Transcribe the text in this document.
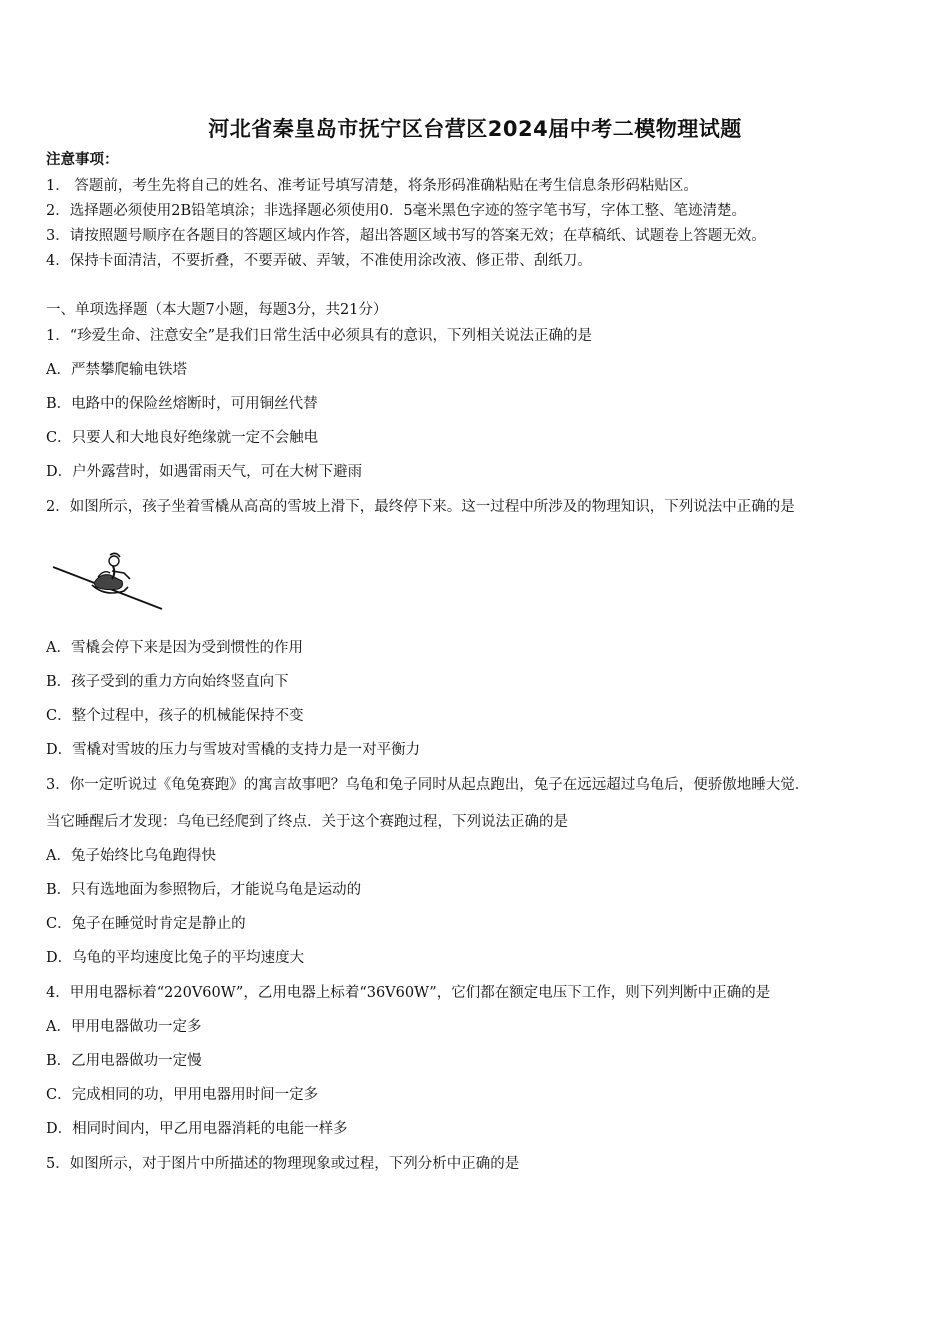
河北省秦皇岛市抚宁区台营区2024届中考二模物理试题
注意事项：
1． 答题前，考生先将自己的姓名、准考证号填写清楚，将条形码准确粘贴在考生信息条形码粘贴区。
2．选择题必须使用2B铅笔填涂；非选择题必须使用0．5毫米黑色字迹的签字笔书写，字体工整、笔迹清楚。
3．请按照题号顺序在各题目的答题区域内作答，超出答题区域书写的答案无效；在草稿纸、试题卷上答题无效。
4．保持卡面清洁，不要折叠，不要弄破、弄皱，不准使用涂改液、修正带、刮纸刀。
一、单项选择题（本大题7小题，每题3分，共21分）
1．“珍爱生命、注意安全”是我们日常生活中必须具有的意识，下列相关说法正确的是
A．严禁攀爬输电铁塔
B．电路中的保险丝熔断时，可用铜丝代替
C．只要人和大地良好绝缘就一定不会触电
D．户外露营时，如遇雷雨天气，可在大树下避雨
2．如图所示，孩子坐着雪橇从高高的雪坡上滑下，最终停下来。这一过程中所涉及的物理知识，下列说法中正确的是
A．雪橇会停下来是因为受到惯性的作用
B．孩子受到的重力方向始终竖直向下
C．整个过程中，孩子的机械能保持不变
D．雪橇对雪坡的压力与雪坡对雪橇的支持力是一对平衡力
3．你一定听说过《龟兔赛跑》的寓言故事吧？乌龟和兔子同时从起点跑出，兔子在远远超过乌龟后，便骄傲地睡大觉．
当它睡醒后才发现：乌龟已经爬到了终点．关于这个赛跑过程，下列说法正确的是
A．兔子始终比乌龟跑得快
B．只有选地面为参照物后，才能说乌龟是运动的
C．兔子在睡觉时肯定是静止的
D．乌龟的平均速度比兔子的平均速度大
4．甲用电器标着“220V60W”，乙用电器上标着“36V60W”，它们都在额定电压下工作，则下列判断中正确的是
A．甲用电器做功一定多
B．乙用电器做功一定慢
C．完成相同的功，甲用电器用时间一定多
D．相同时间内，甲乙用电器消耗的电能一样多
5．如图所示，对于图片中所描述的物理现象或过程，下列分析中正确的是
